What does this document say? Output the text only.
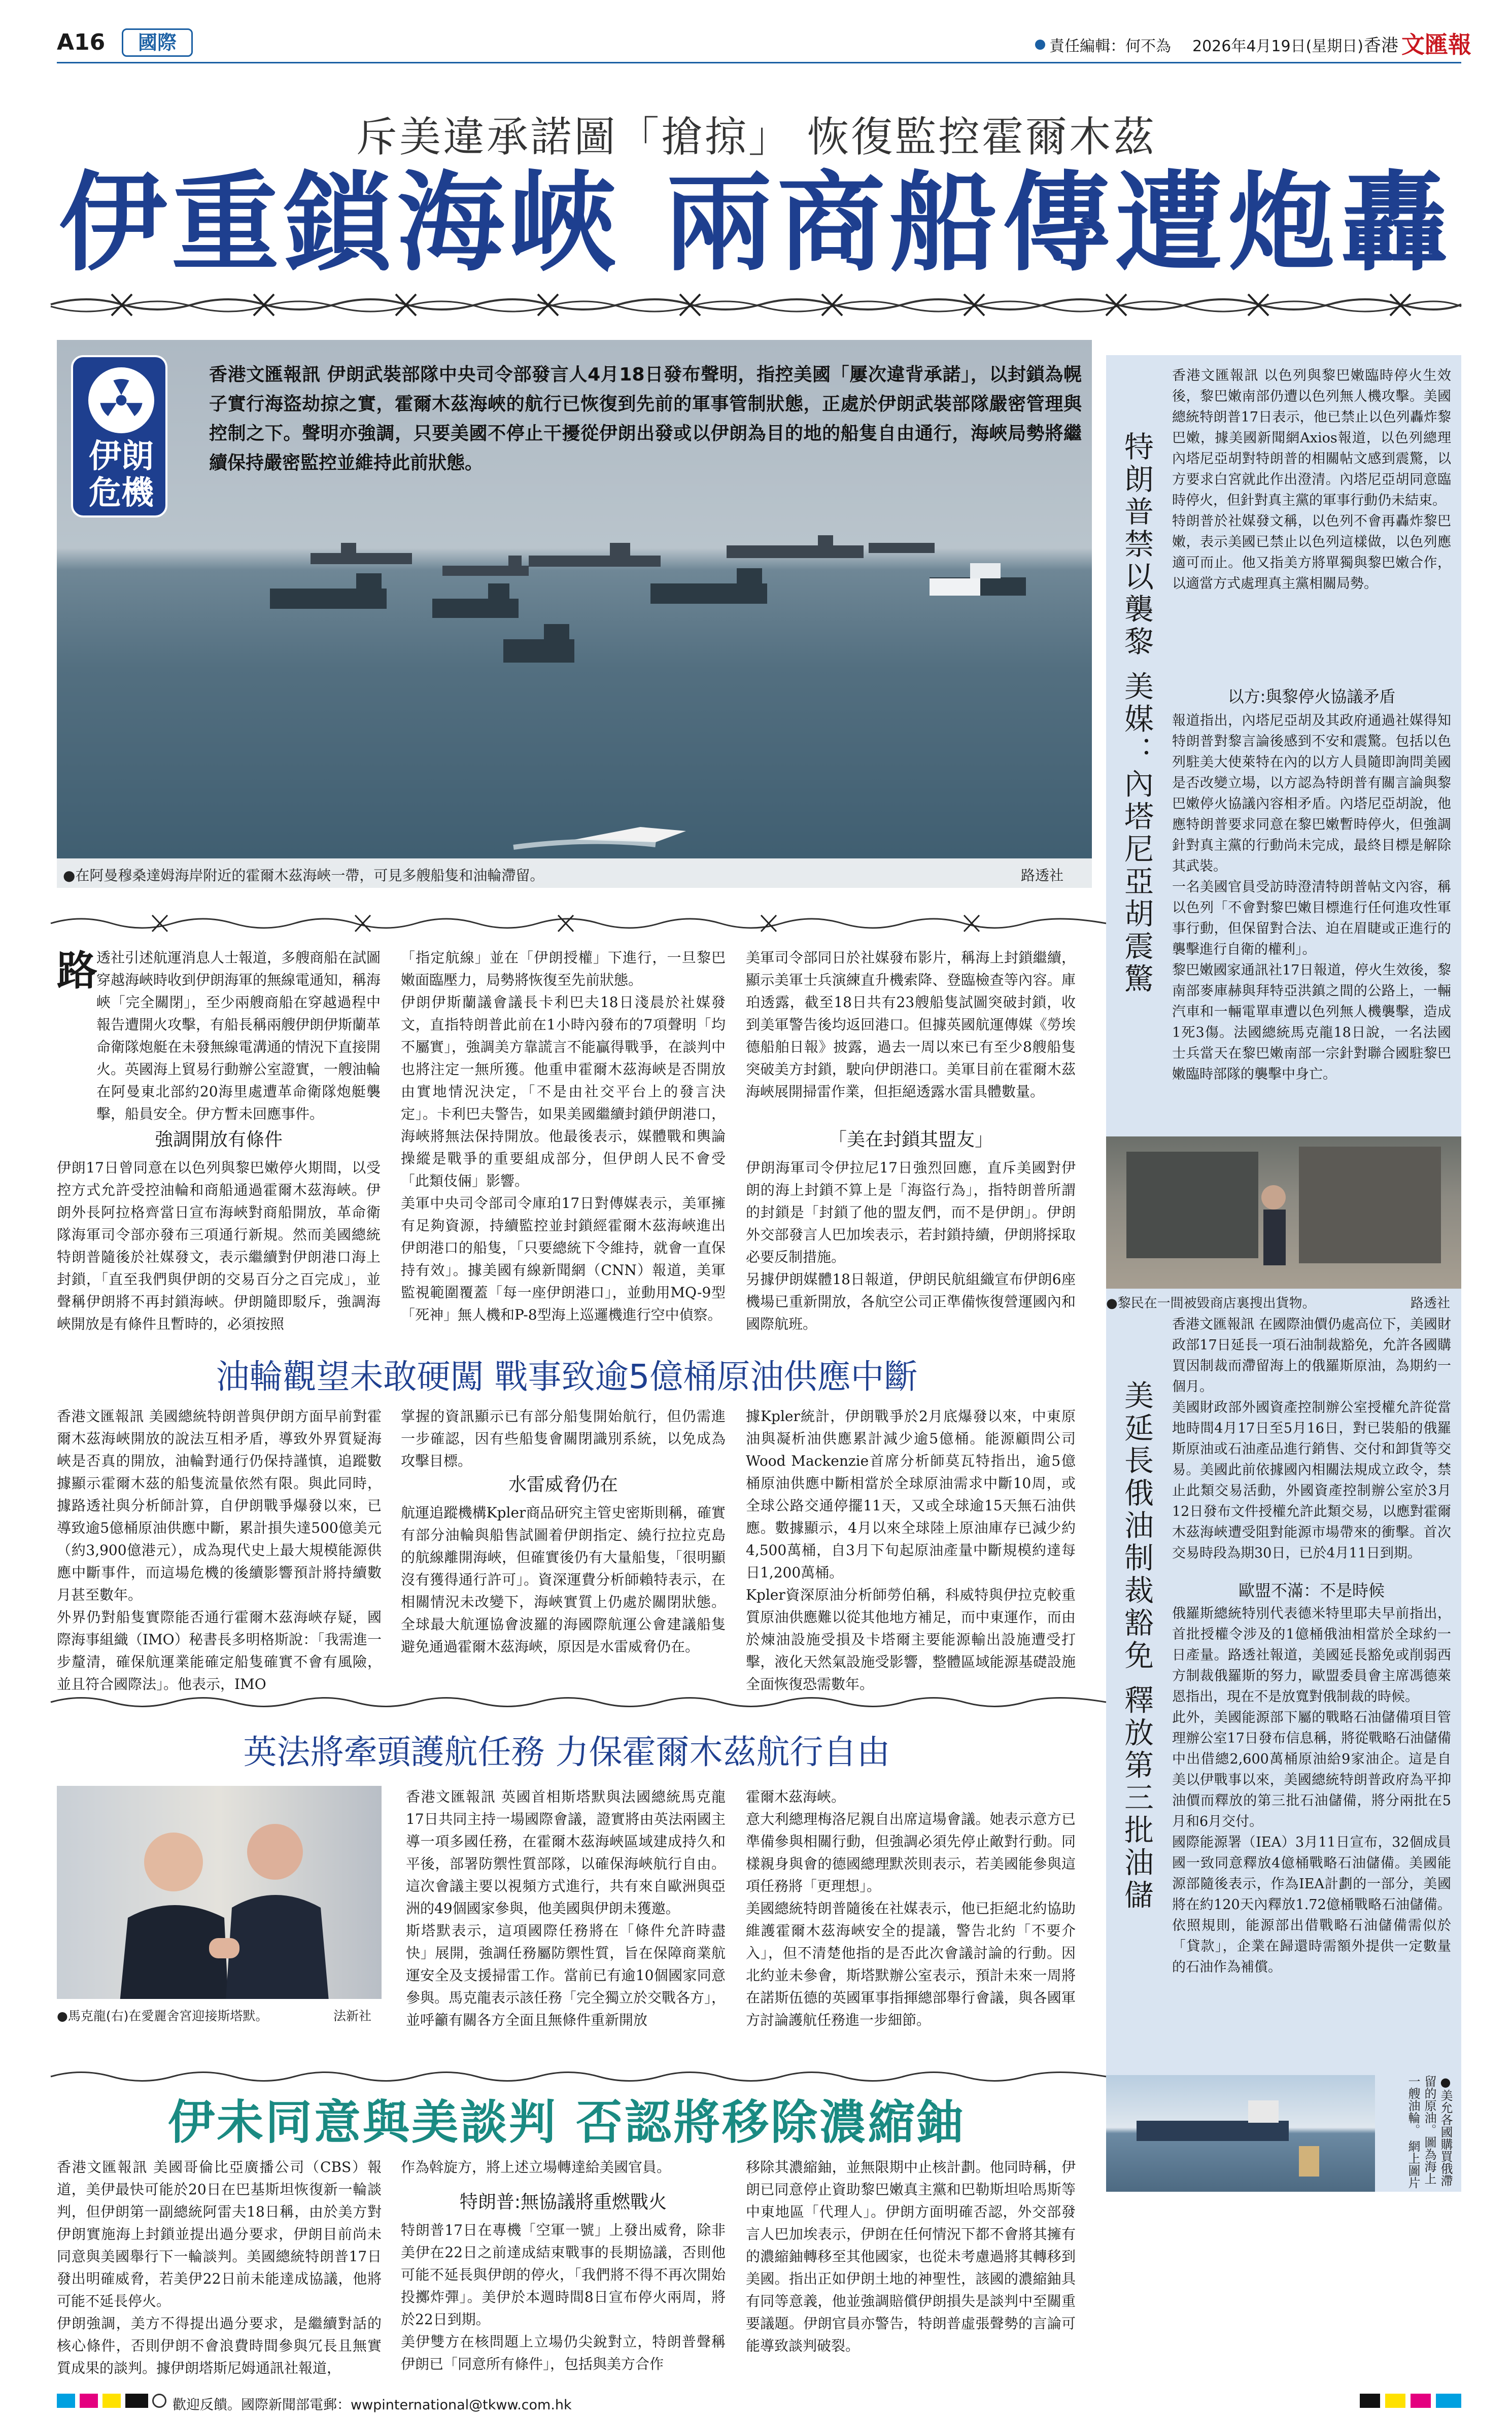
A16	國際	責任編輯：何不為 2026年4月19日(星期日) 香港 文匯報
斥美違承諾圖「搶掠」 恢復監控霍爾木茲
伊重鎖海峽 兩商船傳遭炮轟
香港文匯報訊 伊朗武裝部隊中央司令部發言人4月18日發布聲明，指控美國「屢次違背承諾」，以封鎖為幌子實行海盜劫掠之實，霍爾木茲海峽的航行已恢復到先前的軍事管制狀態，正處於伊朗武裝部隊嚴密管理與控制之下。聲明亦強調，只要美國不停止干擾從伊朗出發或以伊朗為目的地的船隻自由通行，海峽局勢將繼續保持嚴密監控並維持此前狀態。
伊朗
危機
●在阿曼穆桑達姆海岸附近的霍爾木茲海峽一帶，可見多艘船隻和油輪滯留。	路透社
路
透社引述航運消息人士報道，多艘商船在試圖穿越海峽時收到伊朗海軍的無線電通知，稱海峽「完全關閉」，至少兩艘商船在穿越過程中報告遭開火攻擊，有船長稱兩艘伊朗伊斯蘭革命衛隊炮艇在未發無線電溝通的情況下直接開火。英國海上貿易行動辦公室證實，一艘油輪在阿曼東北部約20海里處遭革命衛隊炮艇襲擊，船員安全。伊方暫未回應事件。
強調開放有條件
伊朗17日曾同意在以色列與黎巴嫩停火期間，以受控方式允許受控油輪和商船通過霍爾木茲海峽。伊朗外長阿拉格齊當日宣布海峽對商船開放，革命衛隊海軍司令部亦發布三項通行新規。然而美國總統特朗普隨後於社媒發文，表示繼續對伊朗港口海上封鎖，「直至我們與伊朗的交易百分之百完成」，並聲稱伊朗將不再封鎖海峽。伊朗隨即駁斥，強調海峽開放是有條件且暫時的，必須按照
「指定航線」並在「伊朗授權」下進行，一旦黎巴嫩面臨壓力，局勢將恢復至先前狀態。
伊朗伊斯蘭議會議長卡利巴夫18日淺晨於社媒發文，直指特朗普此前在1小時內發布的7項聲明「均不屬實」，強調美方靠謊言不能贏得戰爭，在談判中也將注定一無所獲。他重申霍爾木茲海峽是否開放由實地情況決定，「不是由社交平台上的發言決定」。卡利巴夫警告，如果美國繼續封鎖伊朗港口，海峽將無法保持開放。他最後表示，媒體戰和輿論操縱是戰爭的重要組成部分，但伊朗人民不會受「此類伎倆」影響。
美軍中央司令部司令庫珀17日對傳媒表示，美軍擁有足夠資源，持續監控並封鎖經霍爾木茲海峽進出伊朗港口的船隻，「只要總統下令維持，就會一直保持有效」。據美國有線新聞網（CNN）報道，美軍監視範圍覆蓋「每一座伊朗港口」，並動用MQ-9型「死神」無人機和P-8型海上巡邏機進行空中偵察。
美軍司令部同日於社媒發布影片，稱海上封鎖繼續，顯示美軍士兵演練直升機索降、登臨檢查等內容。庫珀透露，截至18日共有23艘船隻試圖突破封鎖，收到美軍警告後均返回港口。但據英國航運傳媒《勞埃德船舶日報》披露，過去一周以來已有至少8艘船隻突破美方封鎖，駛向伊朗港口。美軍目前在霍爾木茲海峽展開掃雷作業，但拒絕透露水雷具體數量。
「美在封鎖其盟友」
伊朗海軍司令伊拉尼17日強烈回應，直斥美國對伊朗的海上封鎖不算上是「海盜行為」，指特朗普所謂的封鎖是「封鎖了他的盟友們，而不是伊朗」。伊朗外交部發言人巴加埃表示，若封鎖持續，伊朗將採取必要反制措施。
另據伊朗媒體18日報道，伊朗民航組織宣布伊朗6座機場已重新開放，各航空公司正準備恢復營運國內和國際航班。
油輪觀望未敢硬闖 戰事致逾5億桶原油供應中斷
香港文匯報訊 美國總統特朗普與伊朗方面早前對霍爾木茲海峽開放的說法互相矛盾，導致外界質疑海峽是否真的開放，油輪對通行仍保持謹慎，追蹤數據顯示霍爾木茲的船隻流量依然有限。與此同時，據路透社與分析師計算，自伊朗戰爭爆發以來，已導致逾5億桶原油供應中斷，累計損失達500億美元（約3,900億港元），成為現代史上最大規模能源供應中斷事件，而這場危機的後續影響預計將持續數月甚至數年。
外界仍對船隻實際能否通行霍爾木茲海峽存疑，國際海事組織（IMO）秘書長多明格斯說：「我需進一步釐清，確保航運業能確定船隻確實不會有風險，並且符合國際法」。他表示，IMO
掌握的資訊顯示已有部分船隻開始航行，但仍需進一步確認，因有些船隻會關閉識別系統，以免成為攻擊目標。
水雷威脅仍在
航運追蹤機構Kpler商品研究主管史密斯則稱，確實有部分油輪與船售試圖着伊朗指定、繞行拉拉克島的航線離開海峽，但確實後仍有大量船隻，「很明顯沒有獲得通行許可」。資深運費分析師賴特表示，在相關情況未改變下，海峽實質上仍處於關閉狀態。全球最大航運協會波羅的海國際航運公會建議船隻避免通過霍爾木茲海峽，原因是水雷威脅仍在。
據Kpler統計，伊朗戰爭於2月底爆發以來，中東原油與凝析油供應累計減少逾5億桶。能源顧問公司Wood Mackenzie首席分析師莫瓦特指出，逾5億桶原油供應中斷相當於全球原油需求中斷10周，或全球公路交通停擺11天，又或全球逾15天無石油供應。數據顯示，4月以來全球陸上原油庫存已減少約4,500萬桶，自3月下旬起原油產量中斷規模約達每日1,200萬桶。
Kpler資深原油分析師勞伯稱，科威特與伊拉克較重質原油供應難以從其他地方補足，而中東運作，而由於煉油設施受損及卡塔爾主要能源輸出設施遭受打擊，液化天然氣設施受影響，整體區域能源基礎設施全面恢復恐需數年。
英法將牽頭護航任務 力保霍爾木茲航行自由
●馬克龍(右)在愛麗舍宮迎接斯塔默。	法新社
香港文匯報訊 英國首相斯塔默與法國總統馬克龍17日共同主持一場國際會議，證實將由英法兩國主導一項多國任務，在霍爾木茲海峽區域建成持久和平後，部署防禦性質部隊，以確保海峽航行自由。這次會議主要以視頻方式進行，共有來自歐洲與亞洲的49個國家參與，他美國與伊朗未獲邀。
斯塔默表示，這項國際任務將在「條件允許時盡快」展開，強調任務屬防禦性質，旨在保障商業航運安全及支援掃雷工作。當前已有逾10個國家同意參與。馬克龍表示該任務「完全獨立於交戰各方」，並呼籲有關各方全面且無條件重新開放
霍爾木茲海峽。
意大利總理梅洛尼親自出席這場會議。她表示意方已準備參與相關行動，但強調必須先停止敵對行動。同樣親身與會的德國總理默茨則表示，若美國能參與這項任務將「更理想」。
美國總統特朗普隨後在社媒表示，他已拒絕北約協助維護霍爾木茲海峽安全的提議，警告北約「不要介入」，但不清楚他指的是否此次會議討論的行動。因北約並未參會，斯塔默辦公室表示，預計未來一周將在諾斯伍德的英國軍事指揮總部舉行會議，與各國軍方討論護航任務進一步細節。
伊未同意與美談判 否認將移除濃縮鈾
香港文匯報訊 美國哥倫比亞廣播公司（CBS）報道，美伊最快可能於20日在巴基斯坦恢復新一輪談判，但伊朗第一副總統阿雷夫18日稱，由於美方對伊朗實施海上封鎖並提出過分要求，伊朗目前尚未同意與美國舉行下一輪談判。美國總統特朗普17日發出明確威脅，若美伊22日前未能達成協議，他將可能不延長停火。
伊朗強調，美方不得提出過分要求，是繼續對話的核心條件，否則伊朗不會浪費時間參與冗長且無實質成果的談判。據伊朗塔斯尼姆通訊社報道，
作為斡旋方，將上述立場轉達給美國官員。
特朗普:無協議將重燃戰火
特朗普17日在專機「空軍一號」上發出威脅，除非美伊在22日之前達成結束戰事的長期協議，否則他可能不延長與伊朗的停火，「我們將不得不再次開始投擲炸彈」。美伊於本週時間8日宣布停火兩周，將於22日到期。
美伊雙方在核問題上立場仍尖銳對立，特朗普聲稱伊朗已「同意所有條件」，包括與美方合作
移除其濃縮鈾，並無限期中止核計劃。他同時稱，伊朗已同意停止資助黎巴嫩真主黨和巴勒斯坦哈馬斯等中東地區「代理人」。伊朗方面明確否認，外交部發言人巴加埃表示，伊朗在任何情況下都不會將其擁有的濃縮鈾轉移至其他國家，也從未考慮過將其轉移到美國。指出正如伊朗土地的神聖性，該國的濃縮鈾具有同等意義，他並強調賠償伊朗損失是談判中至關重要議題。伊朗官員亦警告，特朗普虛張聲勢的言論可能導致談判破裂。
特朗普禁以襲黎 美媒：內塔尼亞胡震驚
香港文匯報訊 以色列與黎巴嫩臨時停火生效後，黎巴嫩南部仍遭以色列無人機攻擊。美國總統特朗普17日表示，他已禁止以色列轟炸黎巴嫩，據美國新聞網Axios報道，以色列總理內塔尼亞胡對特朗普的相關帖文感到震驚，以方要求白宮就此作出澄清。內塔尼亞胡同意臨時停火，但針對真主黨的軍事行動仍未結束。
特朗普於社媒發文稱，以色列不會再轟炸黎巴嫩，表示美國已禁止以色列這樣做，以色列應適可而止。他又指美方將單獨與黎巴嫩合作，以適當方式處理真主黨相關局勢。
以方:與黎停火協議矛盾
報道指出，內塔尼亞胡及其政府通過社媒得知特朗普對黎言論後感到不安和震驚。包括以色列駐美大使萊特在內的以方人員隨即詢問美國是否改變立場，以方認為特朗普有關言論與黎巴嫩停火協議內容相矛盾。內塔尼亞胡說，他應特朗普要求同意在黎巴嫩暫時停火，但強調針對真主黨的行動尚未完成，最終目標是解除其武裝。
一名美國官員受訪時澄清特朗普帖文內容，稱以色列「不會對黎巴嫩目標進行任何進攻性軍事行動，但保留對合法、迫在眉睫或正進行的襲擊進行自衛的權利」。
黎巴嫩國家通訊社17日報道，停火生效後，黎南部麥庫赫與拜特亞洪鎮之間的公路上，一輛汽車和一輛電單車遭以色列無人機襲擊，造成1死3傷。法國總統馬克龍18日說，一名法國士兵當天在黎巴嫩南部一宗針對聯合國駐黎巴嫩臨時部隊的襲擊中身亡。
●黎民在一間被毀商店裏搜出貨物。	路透社
美延長俄油制裁豁免 釋放第三批油儲
香港文匯報訊 在國際油價仍處高位下，美國財政部17日延長一項石油制裁豁免，允許各國購買因制裁而滯留海上的俄羅斯原油，為期約一個月。
美國財政部外國資產控制辦公室授權允許從當地時間4月17日至5月16日，對已裝船的俄羅斯原油或石油產品進行銷售、交付和卸貨等交易。美國此前依據國內相關法規成立政令，禁止此類交易活動，外國資產控制辦公室於3月12日發布文件授權允許此類交易，以應對霍爾木茲海峽遭受阻對能源市場帶來的衝擊。首次交易時段為期30日，已於4月11日到期。
歐盟不滿：不是時候
俄羅斯總統特別代表德米特里耶夫早前指出，首批授權令涉及的1億桶俄油相當於全球約一日產量。路透社報道，美國延長豁免或削弱西方制裁俄羅斯的努力，歐盟委員會主席馮德萊恩指出，現在不是放寬對俄制裁的時候。
此外，美國能源部下屬的戰略石油儲備項目管理辦公室17日發布信息稱，將從戰略石油儲備中出借總2,600萬桶原油給9家油企。這是自美以伊戰事以來，美國總統特朗普政府為平抑油價而釋放的第三批石油儲備，將分兩批在5月和6月交付。
國際能源署（IEA）3月11日宣布，32個成員國一致同意釋放4億桶戰略石油儲備。美國能源部隨後表示，作為IEA計劃的一部分，美國將在約120天內釋放1.72億桶戰略石油儲備。依照規則，能源部出借戰略石油儲備需似於「貸款」，企業在歸還時需額外提供一定數量的石油作為補償。
●美允各國購買俄滯留的原油。圖為海上一艘油輪。 網上圖片
歡迎反饋。國際新聞部電郵：wwpinternational@tkww.com.hk
